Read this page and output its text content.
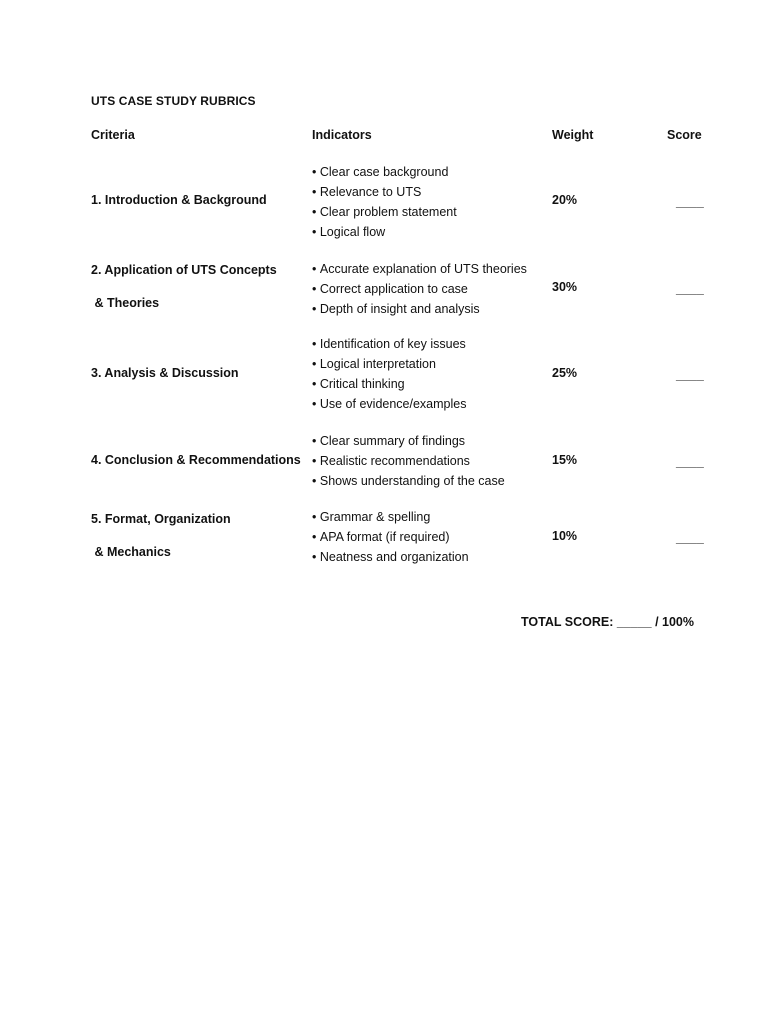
UTS CASE STUDY RUBRICS
Criteria	Indicators	Weight	Score
1. Introduction & Background
• Clear case background
• Relevance to UTS
• Clear problem statement
• Logical flow
20%	____
2. Application of UTS Concepts
& Theories
• Accurate explanation of UTS theories
• Correct application to case
• Depth of insight and analysis
30%	____
3. Analysis & Discussion
• Identification of key issues
• Logical interpretation
• Critical thinking
• Use of evidence/examples
25%	____
4. Conclusion & Recommendations
• Clear summary of findings
• Realistic recommendations
• Shows understanding of the case
15%	____
5. Format, Organization
& Mechanics
• Grammar & spelling
• APA format (if required)
• Neatness and organization
10%	____
TOTAL SCORE: _____ / 100%
